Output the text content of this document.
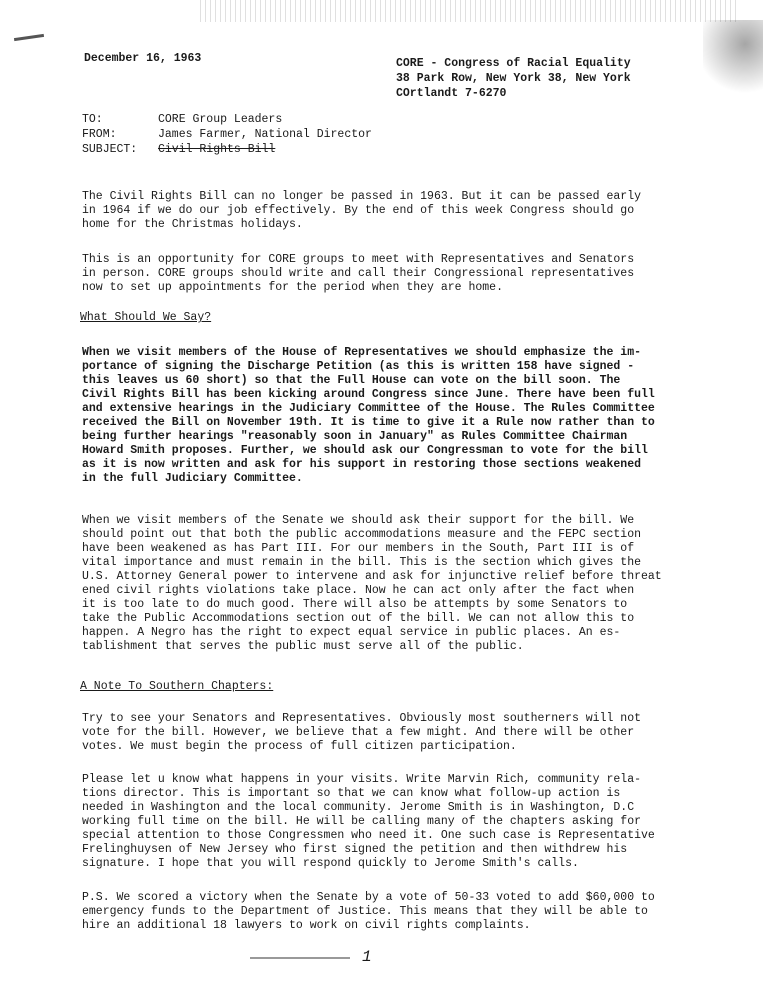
December 16, 1963	CORE - Congress of Racial Equality
38 Park Row, New York 38, New York
COrtlandt 7-6270
TO:	CORE Group Leaders
FROM:	James Farmer, National Director
SUBJECT:	Civil Rights Bill
The Civil Rights Bill can no longer be passed in 1963. But it can be passed early
in 1964 if we do our job effectively. By the end of this week Congress should go
home for the Christmas holidays.
This is an opportunity for CORE groups to meet with Representatives and Senators
in person. CORE groups should write and call their Congressional representatives
now to set up appointments for the period when they are home.
What Should We Say?
When we visit members of the House of Representatives we should emphasize the im-
portance of signing the Discharge Petition (as this is written 158 have signed -
this leaves us 60 short) so that the Full House can vote on the bill soon. The
Civil Rights Bill has been kicking around Congress since June. There have been full
and extensive hearings in the Judiciary Committee of the House. The Rules Committee
received the Bill on November 19th. It is time to give it a Rule now rather than to
being further hearings "reasonably soon in January" as Rules Committee Chairman
Howard Smith proposes. Further, we should ask our Congressman to vote for the bill
as it is now written and ask for his support in restoring those sections weakened
in the full Judiciary Committee.
When we visit members of the Senate we should ask their support for the bill. We
should point out that both the public accommodations measure and the FEPC section
have been weakened as has Part III. For our members in the South, Part III is of
vital importance and must remain in the bill. This is the section which gives the
U.S. Attorney General power to intervene and ask for injunctive relief before threat
ened civil rights violations take place. Now he can act only after the fact when
it is too late to do much good. There will also be attempts by some Senators to
take the Public Accommodations section out of the bill. We can not allow this to
happen. A Negro has the right to expect equal service in public places. An es-
tablishment that serves the public must serve all of the public.
A Note To Southern Chapters:
Try to see your Senators and Representatives. Obviously most southerners will not
vote for the bill. However, we believe that a few might. And there will be other
votes. We must begin the process of full citizen participation.
Please let u know what happens in your visits. Write Marvin Rich, community rela-
tions director. This is important so that we can know what follow-up action is
needed in Washington and the local community. Jerome Smith is in Washington, D.C
working full time on the bill. He will be calling many of the chapters asking for
special attention to those Congressmen who need it. One such case is Representative
Frelinghuysen of New Jersey who first signed the petition and then withdrew his
signature. I hope that you will respond quickly to Jerome Smith's calls.
P.S. We scored a victory when the Senate by a vote of 50-33 voted to add $60,000 to
emergency funds to the Department of Justice. This means that they will be able to
hire an additional 18 lawyers to work on civil rights complaints.
1
